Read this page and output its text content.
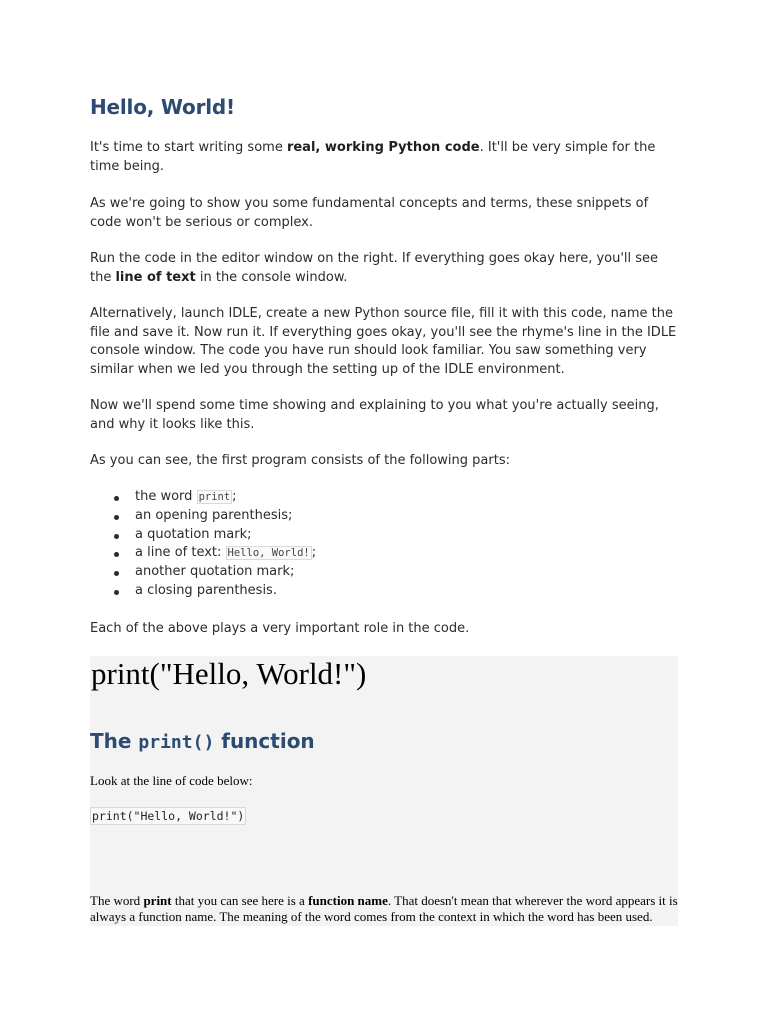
Hello, World!

It's time to start writing some real, working Python code. It'll be very simple for the time being.

As we're going to show you some fundamental concepts and terms, these snippets of code won't be serious or complex.

Run the code in the editor window on the right. If everything goes okay here, you'll see the line of text in the console window.

Alternatively, launch IDLE, create a new Python source file, fill it with this code, name the file and save it. Now run it. If everything goes okay, you'll see the rhyme's line in the IDLE console window. The code you have run should look familiar. You saw something very similar when we led you through the setting up of the IDLE environment.

Now we'll spend some time showing and explaining to you what you're actually seeing, and why it looks like this.

As you can see, the first program consists of the following parts:

the word print ;
an opening parenthesis;
a quotation mark;
a line of text: Hello, World! ;
another quotation mark;
a closing parenthesis.

Each of the above plays a very important role in the code.

print("Hello, World!")
The print() function

Look at the line of code below:

print("Hello, World!")

The word print that you can see here is a function name. That doesn't mean that wherever the word appears it is always a function name. The meaning of the word comes from the context in which the word has been used.
